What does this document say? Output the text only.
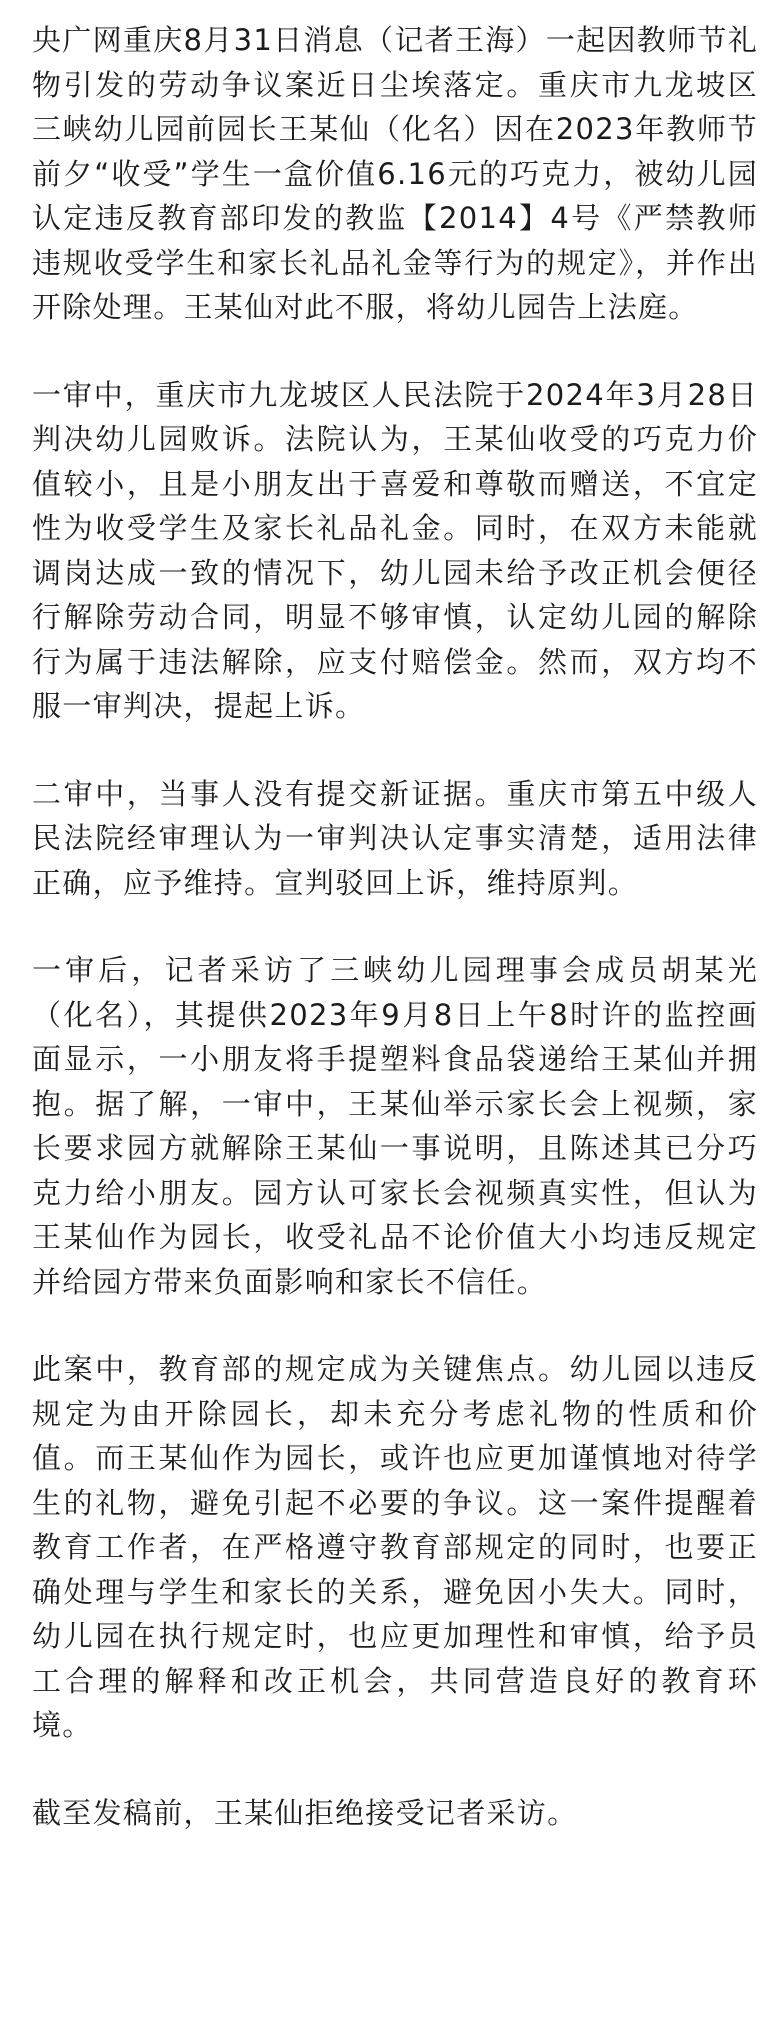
央广网重庆8月31日消息（记者王海）一起因教师节礼物引发的劳动争议案近日尘埃落定。重庆市九龙坡区三峡幼儿园前园长王某仙（化名）因在2023年教师节前夕“收受”学生一盒价值6.16元的巧克力，被幼儿园认定违反教育部印发的教监【2014】4号《严禁教师违规收受学生和家长礼品礼金等行为的规定》，并作出开除处理。王某仙对此不服，将幼儿园告上法庭。

一审中，重庆市九龙坡区人民法院于2024年3月28日判决幼儿园败诉。法院认为，王某仙收受的巧克力价值较小，且是小朋友出于喜爱和尊敬而赠送，不宜定性为收受学生及家长礼品礼金。同时，在双方未能就调岗达成一致的情况下，幼儿园未给予改正机会便径行解除劳动合同，明显不够审慎，认定幼儿园的解除行为属于违法解除，应支付赔偿金。然而，双方均不服一审判决，提起上诉。

二审中，当事人没有提交新证据。重庆市第五中级人民法院经审理认为一审判决认定事实清楚，适用法律正确，应予维持。宣判驳回上诉，维持原判。

一审后，记者采访了三峡幼儿园理事会成员胡某光（化名），其提供2023年9月8日上午8时许的监控画面显示，一小朋友将手提塑料食品袋递给王某仙并拥抱。据了解，一审中，王某仙举示家长会上视频，家长要求园方就解除王某仙一事说明，且陈述其已分巧克力给小朋友。园方认可家长会视频真实性，但认为王某仙作为园长，收受礼品不论价值大小均违反规定并给园方带来负面影响和家长不信任。

此案中，教育部的规定成为关键焦点。幼儿园以违反规定为由开除园长，却未充分考虑礼物的性质和价值。而王某仙作为园长，或许也应更加谨慎地对待学生的礼物，避免引起不必要的争议。这一案件提醒着教育工作者，在严格遵守教育部规定的同时，也要正确处理与学生和家长的关系，避免因小失大。同时，幼儿园在执行规定时，也应更加理性和审慎，给予员工合理的解释和改正机会，共同营造良好的教育环境。

截至发稿前，王某仙拒绝接受记者采访。
